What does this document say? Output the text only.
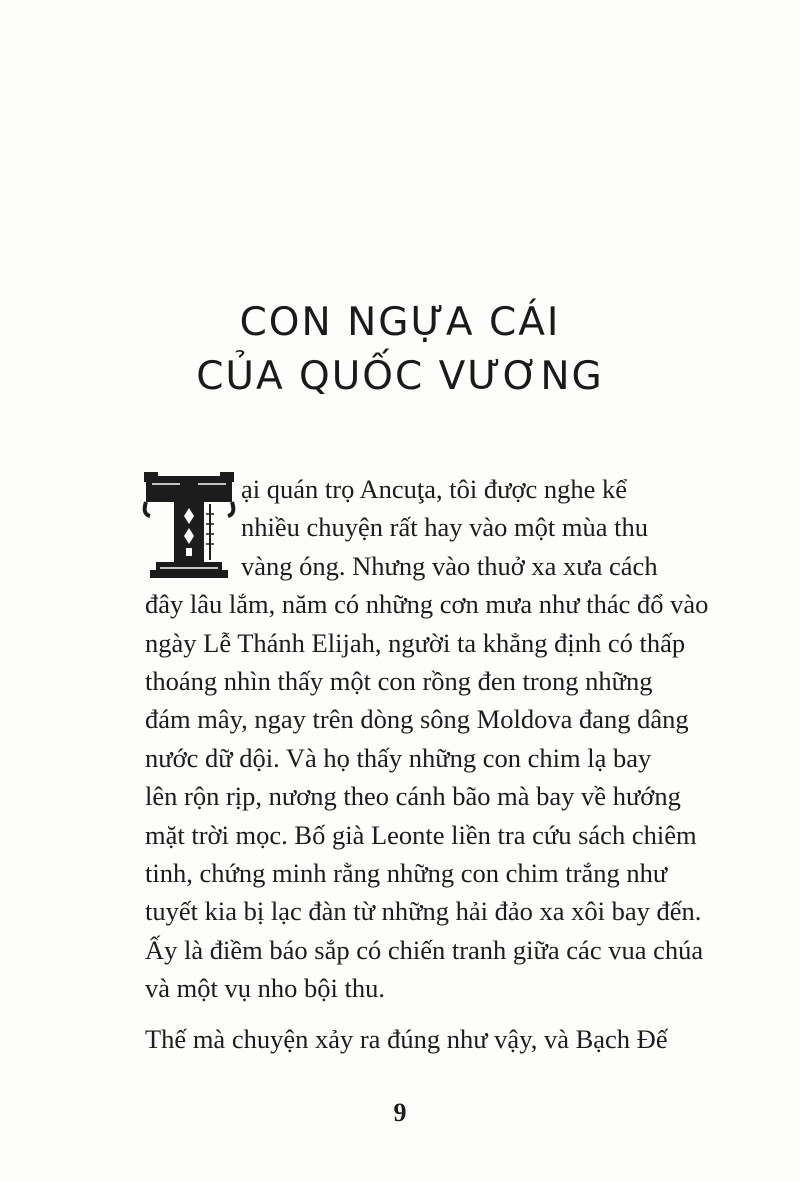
CON NGỰA CÁI
CỦA QUỐC VƯƠNG
ại quán trọ Ancuţa, tôi được nghe kể
nhiều chuyện rất hay vào một mùa thu
vàng óng. Nhưng vào thuở xa xưa cách
đây lâu lắm, năm có những cơn mưa như thác đổ vào
ngày Lễ Thánh Elijah, người ta khẳng định có thấp
thoáng nhìn thấy một con rồng đen trong những
đám mây, ngay trên dòng sông Moldova đang dâng
nước dữ dội. Và họ thấy những con chim lạ bay
lên rộn rịp, nương theo cánh bão mà bay về hướng
mặt trời mọc. Bố già Leonte liền tra cứu sách chiêm
tinh, chứng minh rằng những con chim trắng như
tuyết kia bị lạc đàn từ những hải đảo xa xôi bay đến.
Ấy là điềm báo sắp có chiến tranh giữa các vua chúa
và một vụ nho bội thu.
Thế mà chuyện xảy ra đúng như vậy, và Bạch Đế
9
